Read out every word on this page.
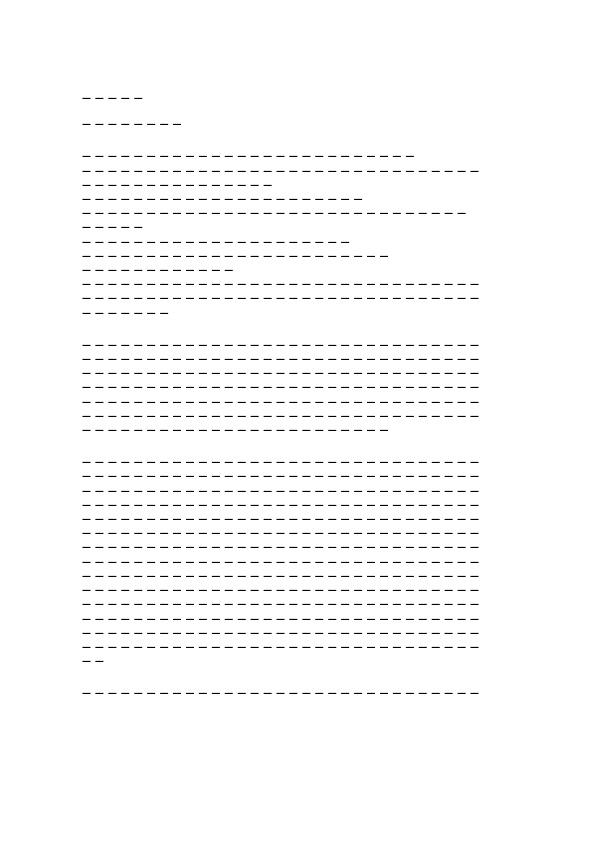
— — — — —
— — — — — — — —
— — — — — — — — — — — — — — — — — — — — — — — — — —
— — — — — — — — — — — — — — — — — — — — — — — — — — — — — — —
— — — — — — — — — — — — — — —
— — — — — — — — — — — — — — — — — — — — — —
— — — — — — — — — — — — — — — — — — — — — — — — — — — — — —
— — — — —
— — — — — — — — — — — — — — — — — — — — —
— — — — — — — — — — — — — — — — — — — — — — — —
— — — — — — — — — — — —
— — — — — — — — — — — — — — — — — — — — — — — — — — — — — — —
— — — — — — — — — — — — — — — — — — — — — — — — — — — — — — —
— — — — — — —
— — — — — — — — — — — — — — — — — — — — — — — — — — — — — — —
— — — — — — — — — — — — — — — — — — — — — — — — — — — — — — —
— — — — — — — — — — — — — — — — — — — — — — — — — — — — — — —
— — — — — — — — — — — — — — — — — — — — — — — — — — — — — — —
— — — — — — — — — — — — — — — — — — — — — — — — — — — — — — —
— — — — — — — — — — — — — — — — — — — — — — — — — — — — — — —
— — — — — — — — — — — — — — — — — — — — — — — —
— — — — — — — — — — — — — — — — — — — — — — — — — — — — — — —
— — — — — — — — — — — — — — — — — — — — — — — — — — — — — — —
— — — — — — — — — — — — — — — — — — — — — — — — — — — — — — —
— — — — — — — — — — — — — — — — — — — — — — — — — — — — — — —
— — — — — — — — — — — — — — — — — — — — — — — — — — — — — — —
— — — — — — — — — — — — — — — — — — — — — — — — — — — — — — —
— — — — — — — — — — — — — — — — — — — — — — — — — — — — — — —
— — — — — — — — — — — — — — — — — — — — — — — — — — — — — — —
— — — — — — — — — — — — — — — — — — — — — — — — — — — — — — —
— — — — — — — — — — — — — — — — — — — — — — — — — — — — — — —
— — — — — — — — — — — — — — — — — — — — — — — — — — — — — — —
— — — — — — — — — — — — — — — — — — — — — — — — — — — — — — —
— — — — — — — — — — — — — — — — — — — — — — — — — — — — — — —
— — — — — — — — — — — — — — — — — — — — — — — — — — — — — — —
— —
— — — — — — — — — — — — — — — — — — — — — — — — — — — — — — —
